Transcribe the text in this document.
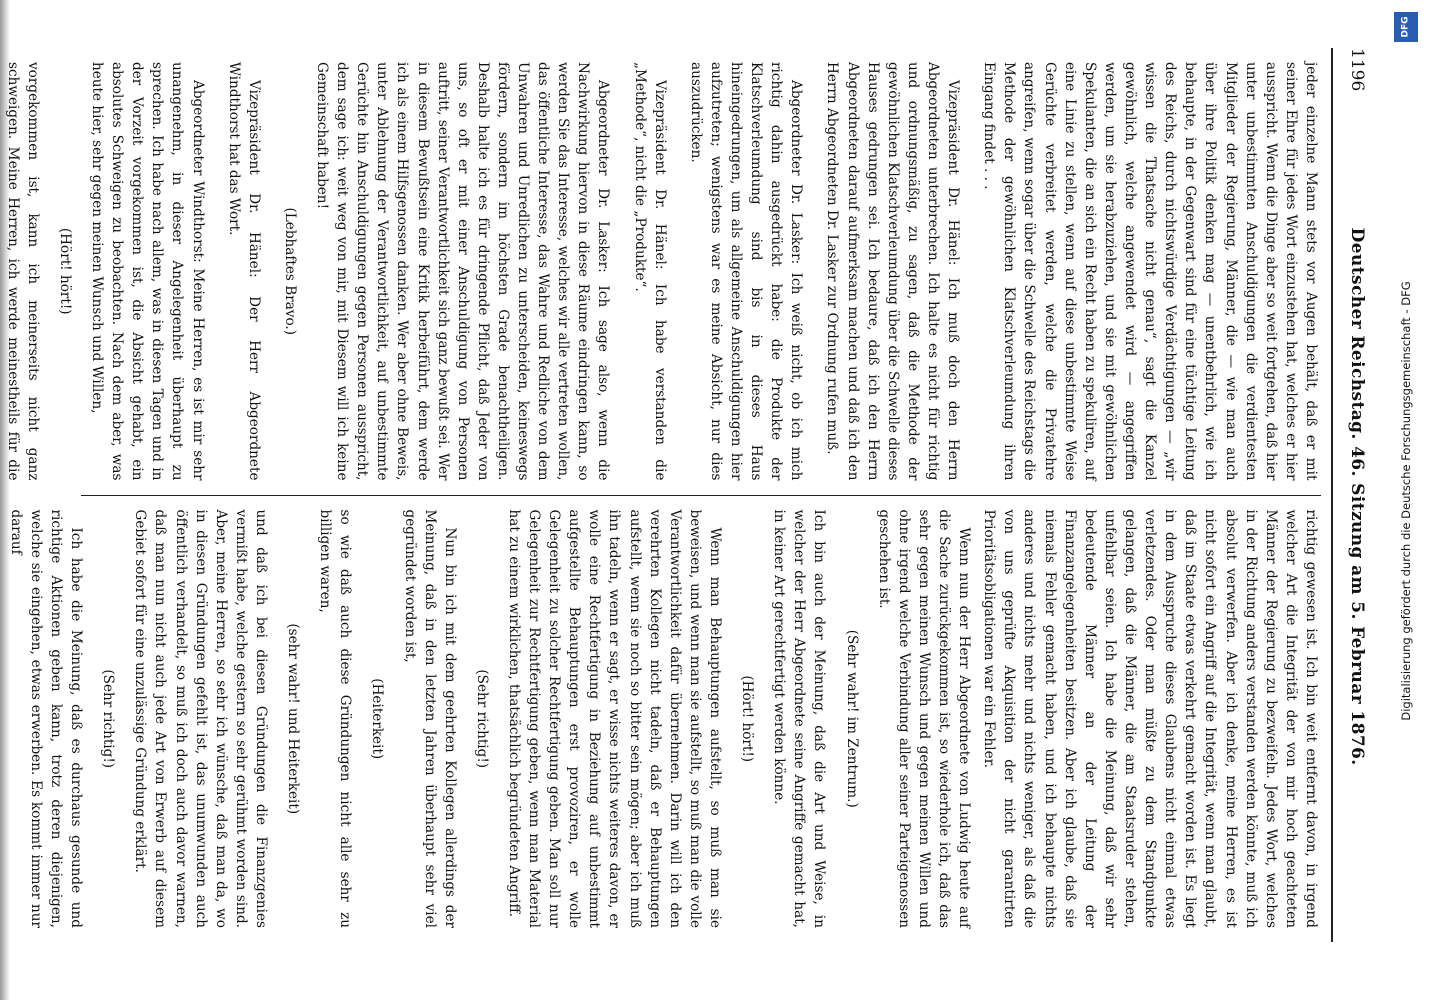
1196
Deutscher Reichstag. 46. Sitzung am 5. Februar 1876.

jeder einzelne Mann stets vor Augen behält, daß er mit seiner Ehre für jedes Wort einzustehen hat, welches er hier ausspricht. Wenn die Dinge aber so weit fortgehen, daß hier unter unbestimmten Anschuldigungen die verdientesten Mitglieder der Regierung, Männer, die — wie man auch über ihre Politik denken mag — unentbehrlich, wie ich behaupte, in der Gegenwart sind für eine tüchtige Leitung des Reichs, durch nichtswürdige Verdächtigungen — „wir wissen die Thatsache nicht genau“, sagt die Kanzel gewöhnlich, welche angewendet wird — angegriffen werden, um sie herabzuziehen, und sie mit gewöhnlichen Spekulanten, die an sich ein Recht haben zu spekuliren, auf eine Linie zu stellen, wenn auf diese unbestimmte Weise Gerüchte verbreitet werden, welche die Privatehre angreifen, wenn sogar über die Schwelle des Reichstags die Methode der gewöhnlichen Klatschverleumdung ihren Eingang findet . . .

Vizepräsident Dr. Hänel: Ich muß doch den Herrn Abgeordneten unterbrechen. Ich halte es nicht für richtig und ordnungsmäßig, zu sagen, daß die Methode der gewöhnlichen Klatschverleumdung über die Schwelle dieses Hauses gedrungen sei. Ich bedaure, daß ich den Herrn Abgeordneten darauf aufmerksam machen und daß ich den Herrn Abgeordneten Dr. Lasker zur Ordnung rufen muß.

Abgeordneter Dr. Lasker: Ich weiß nicht, ob ich mich richtig dahin ausgedrückt habe: die Produkte der Klatschverleumdung sind bis in dieses Haus hineingedrungen, um als allgemeine Anschuldigungen hier aufzutreten; wenigstens war es meine Absicht, nur dies auszudrücken.

Vizepräsident Dr. Hänel: Ich habe verstanden die „Methode“, nicht die „Produkte“.

Abgeordneter Dr. Lasker: Ich sage also, wenn die Nachwirkung hiervon in diese Räume eindringen kann, so werden Sie das Interesse, welches wir alle vertreten wollen, das öffentliche Interesse, das Wahre und Redliche von dem Unwahren und Unredlichen zu unterscheiden, keineswegs fördern, sondern im höchsten Grade benachtheiligen. Deshalb halte ich es für dringende Pflicht, daß Jeder von uns, so oft er mit einer Anschuldigung von Personen auftritt, seiner Verantwortlichkeit sich ganz bewußt sei. Wer in diesem Bewußtsein eine Kritik herbeiführt, dem werde ich als einem Hilfsgenossen danken. Wer aber ohne Beweis, unter Ablehnung der Verantwortlichkeit, auf unbestimmte Gerüchte hin Anschuldigungen gegen Personen ausspricht, dem sage ich: weit weg von mir, mit Diesem will ich keine Gemeinschaft haben!

(Lebhaftes Bravo.)

Vizepräsident Dr. Hänel: Der Herr Abgeordnete Windthorst hat das Wort.

Abgeordneter Windthorst: Meine Herren, es ist mir sehr unangenehm, in dieser Angelegenheit überhaupt zu sprechen. Ich habe nach allem, was in diesen Tagen und in der Vorzeit vorgekommen ist, die Absicht gehabt, ein absolutes Schweigen zu beobachten. Nach dem aber, was heute hier, sehr gegen meinen Wunsch und Willen,

(Hört! hört!)

vorgekommen ist, kann ich meinerseits nicht ganz schweigen. Meine Herren, ich werde meinestheils für die

richtig gewesen ist. Ich bin weit entfernt davon, in irgend welcher Art die Integrität der von mir hoch geachteten Männer der Regierung zu bezweifeln. Jedes Wort, welches in der Richtung anders verstanden werden könnte, muß ich absolut verwerfen. Aber ich denke, meine Herren, es ist nicht sofort ein Angriff auf die Integrität, wenn man glaubt, daß im Staate etwas verkehrt gemacht worden ist. Es liegt in dem Ausspruche dieses Glaubens nicht einmal etwas verletzendes. Oder man müßte zu dem Standpunkte gelangen, daß die Männer, die am Staatsruder stehen, unfehlbar seien. Ich habe die Meinung, daß wir sehr bedeutende Männer an der Leitung der Finanzangelegenheiten besitzen. Aber ich glaube, daß sie niemals Fehler gemacht haben, und ich behaupte nichts anderes und nichts mehr und nichts weniger, als daß die von uns geprüfte Akquisition der nicht garantirten Prioritätsobligationen war ein Fehler.

Wenn nun der Herr Abgeordnete von Ludwig heute auf die Sache zurückgekommen ist, so wiederhole ich, daß das sehr gegen meinen Wunsch und gegen meinen Willen und ohne irgend welche Verbindung aller seiner Parteigenossen geschehen ist.

(Sehr wahr! im Zentrum.)

Ich bin auch der Meinung, daß die Art und Weise, in welcher der Herr Abgeordnete seine Angriffe gemacht hat, in keiner Art gerechtfertigt werden könne.

(Hört! hört!)

Wenn man Behauptungen aufstellt, so muß man sie beweisen, und wenn man sie aufstellt, so muß man die volle Verantwortlichkeit dafür übernehmen. Darin will ich den verehrten Kollegen nicht tadeln, daß er Behauptungen aufstellt, wenn sie noch so bitter sein mögen; aber ich muß ihn tadeln, wenn er sagt, er wisse nichts weiteres davon, er wolle eine Rechtfertigung in Beziehung auf unbestimmt aufgestellte Behauptungen erst provoziren, er wolle Gelegenheit zu solcher Rechtfertigung geben. Man soll nur Gelegenheit zur Rechtfertigung geben, wenn man Material hat zu einem wirklichen, thatsächlich begründeten Angriff.

(Sehr richtig!)

Nun bin ich mit dem geehrten Kollegen allerdings der Meinung, daß in den letzten Jahren überhaupt sehr viel gegründet worden ist,

(Heiterkeit)

so wie daß auch diese Gründungen nicht alle sehr zu billigen waren,

(sehr wahr! und Heiterkeit)

und daß ich bei diesen Gründungen die Finanzgenies vermißt habe, welche gestern so sehr gerühmt worden sind. Aber, meine Herren, so sehr ich wünsche, daß man da, wo in diesen Gründungen gefehlt ist, das unumwunden auch öffentlich verhandelt, so muß ich doch auch davor warnen, daß man nun nicht auch jede Art von Erwerb auf diesem Gebiet sofort für eine unzulässige Gründung erklärt.

(Sehr richtig!)

Ich habe die Meinung, daß es durchaus gesunde und richtige Aktionen geben kann, trotz deren diejenigen, welche sie eingehen, etwas erwerben. Es kommt immer nur darauf

DFG
Digitalisierung gefördert durch die Deutsche Forschungsgemeinschaft - DFG
